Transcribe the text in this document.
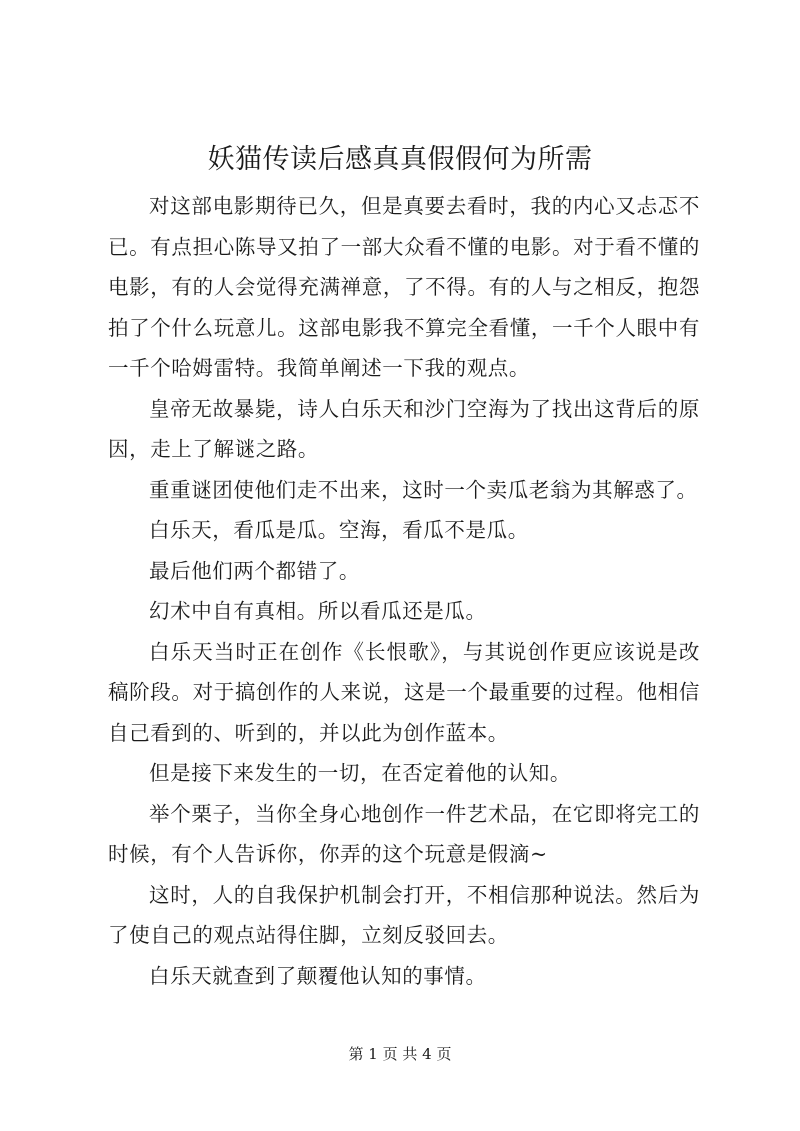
妖猫传读后感真真假假何为所需

对这部电影期待已久，但是真要去看时，我的内心又忐忑不已。有点担心陈导又拍了一部大众看不懂的电影。对于看不懂的电影，有的人会觉得充满禅意，了不得。有的人与之相反，抱怨拍了个什么玩意儿。这部电影我不算完全看懂，一千个人眼中有一千个哈姆雷特。我简单阐述一下我的观点。

皇帝无故暴毙，诗人白乐天和沙门空海为了找出这背后的原因，走上了解谜之路。

重重谜团使他们走不出来，这时一个卖瓜老翁为其解惑了。

白乐天，看瓜是瓜。空海，看瓜不是瓜。

最后他们两个都错了。

幻术中自有真相。所以看瓜还是瓜。

白乐天当时正在创作《长恨歌》，与其说创作更应该说是改稿阶段。对于搞创作的人来说，这是一个最重要的过程。他相信自己看到的、听到的，并以此为创作蓝本。

但是接下来发生的一切，在否定着他的认知。

举个栗子，当你全身心地创作一件艺术品，在它即将完工的时候，有个人告诉你，你弄的这个玩意是假滴~

这时，人的自我保护机制会打开，不相信那种说法。然后为了使自己的观点站得住脚，立刻反驳回去。

白乐天就查到了颠覆他认知的事情。

第 1 页 共 4 页
